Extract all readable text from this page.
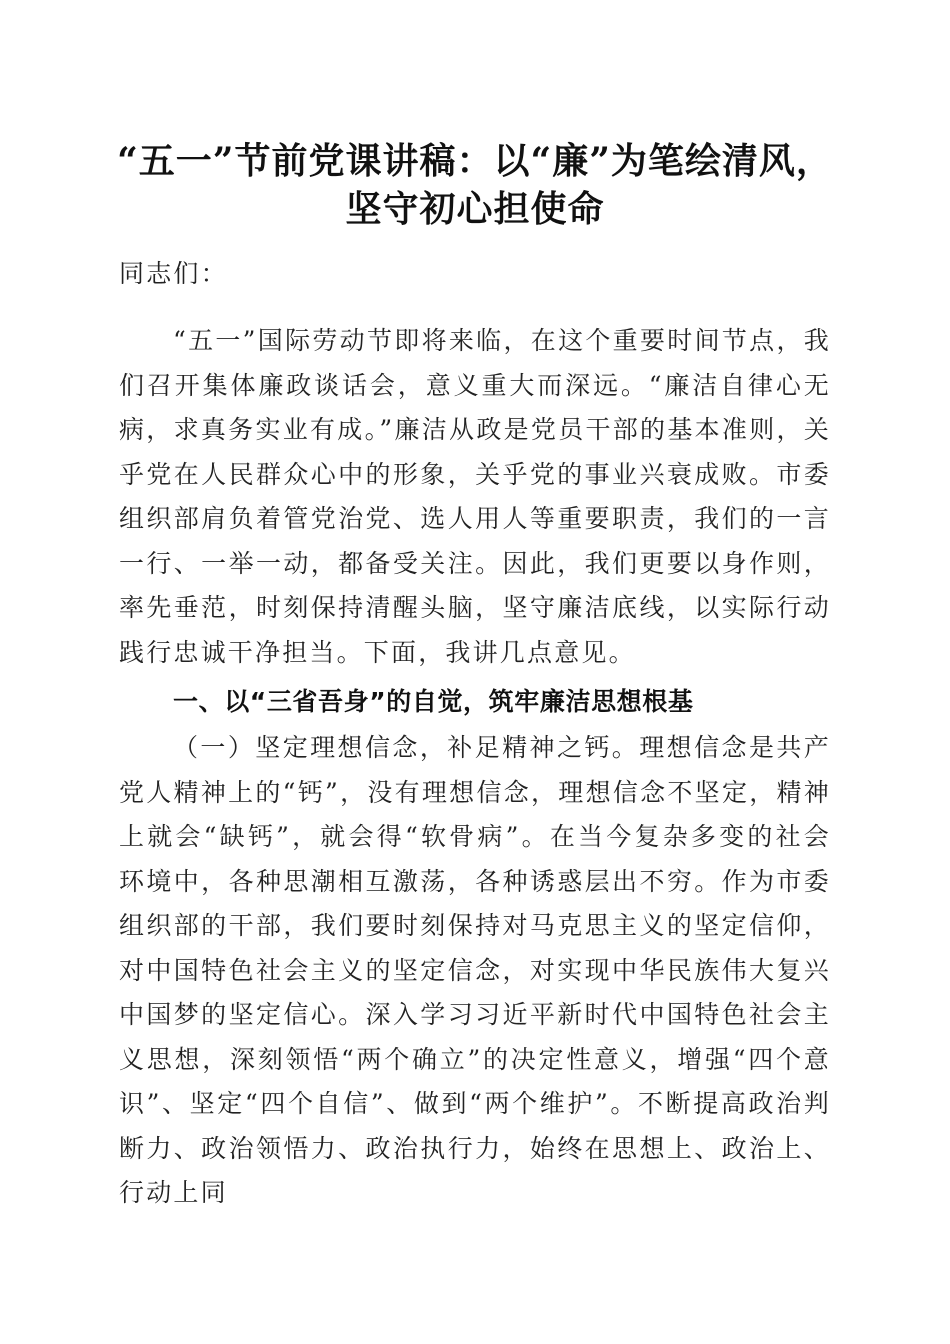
“五一”节前党课讲稿：以“廉”为笔绘清风，
坚守初心担使命

同志们：

“五一”国际劳动节即将来临，在这个重要时间节点，我们召开集体廉政谈话会，意义重大而深远。“廉洁自律心无病，求真务实业有成。”廉洁从政是党员干部的基本准则，关乎党在人民群众心中的形象，关乎党的事业兴衰成败。市委组织部肩负着管党治党、选人用人等重要职责，我们的一言一行、一举一动，都备受关注。因此，我们更要以身作则，率先垂范，时刻保持清醒头脑，坚守廉洁底线，以实际行动践行忠诚干净担当。下面，我讲几点意见。

一、以“三省吾身”的自觉，筑牢廉洁思想根基

（一）坚定理想信念，补足精神之钙。理想信念是共产党人精神上的“钙”，没有理想信念，理想信念不坚定，精神上就会“缺钙”，就会得“软骨病”。在当今复杂多变的社会环境中，各种思潮相互激荡，各种诱惑层出不穷。作为市委组织部的干部，我们要时刻保持对马克思主义的坚定信仰，对中国特色社会主义的坚定信念，对实现中华民族伟大复兴中国梦的坚定信心。深入学习习近平新时代中国特色社会主义思想，深刻领悟“两个确立”的决定性意义，增强“四个意识”、坚定“四个自信”、做到“两个维护”。不断提高政治判断力、政治领悟力、政治执行力，始终在思想上、政治上、行动上同
